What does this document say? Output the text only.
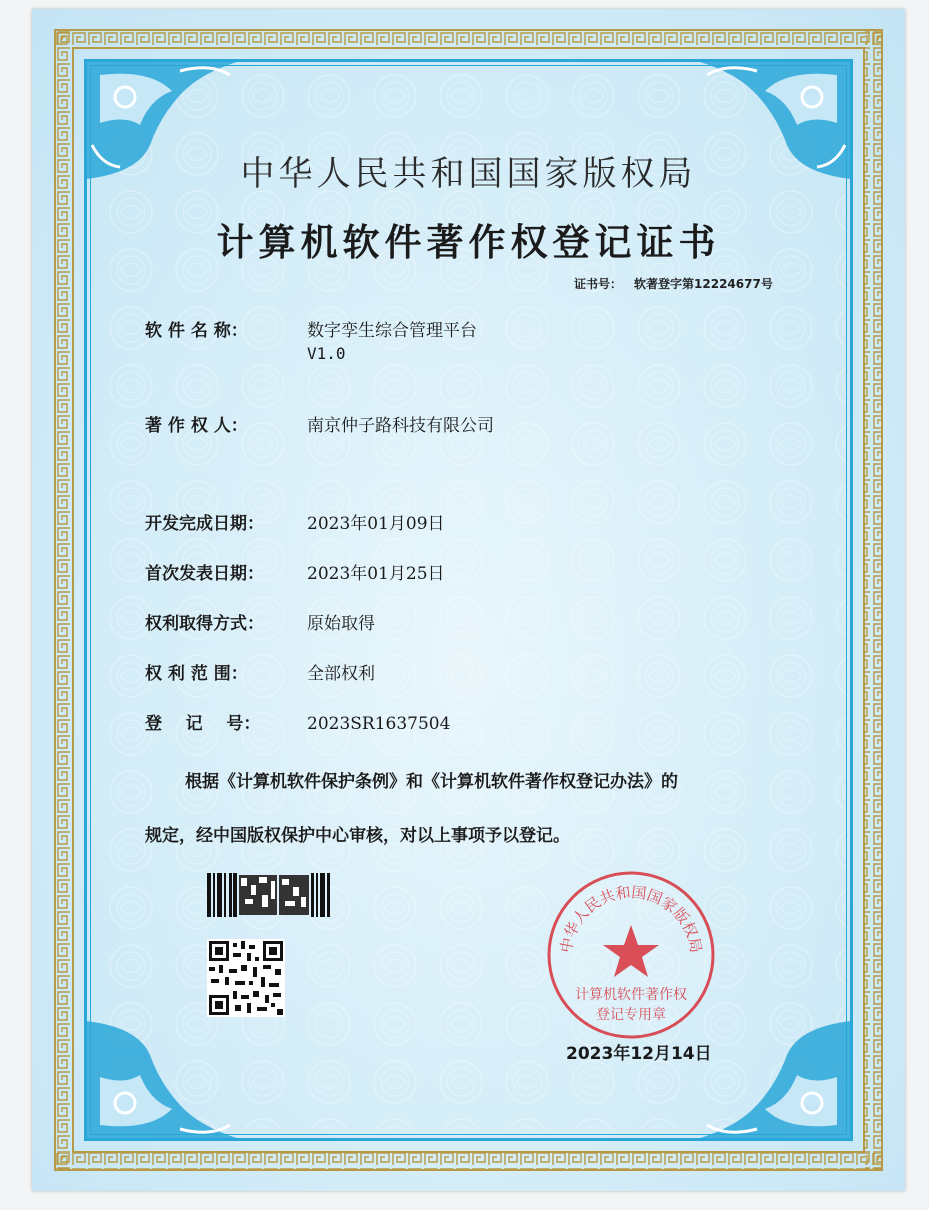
中华人民共和国国家版权局
计算机软件著作权登记证书
证书号： 软著登字第12224677号
软 件 名 称：	数字孪生综合管理平台
V1.0
著 作 权 人：	南京仲子路科技有限公司
开发完成日期：	2023年01月09日
首次发表日期：	2023年01月25日
权利取得方式：	原始取得
权 利 范 围：	全部权利
登    记    号：	2023SR1637504
根据《计算机软件保护条例》和《计算机软件著作权登记办法》的
规定，经中国版权保护中心审核，对以上事项予以登记。
中华人民共和国国家版权局
计算机软件著作权
登记专用章
2023年12月14日
